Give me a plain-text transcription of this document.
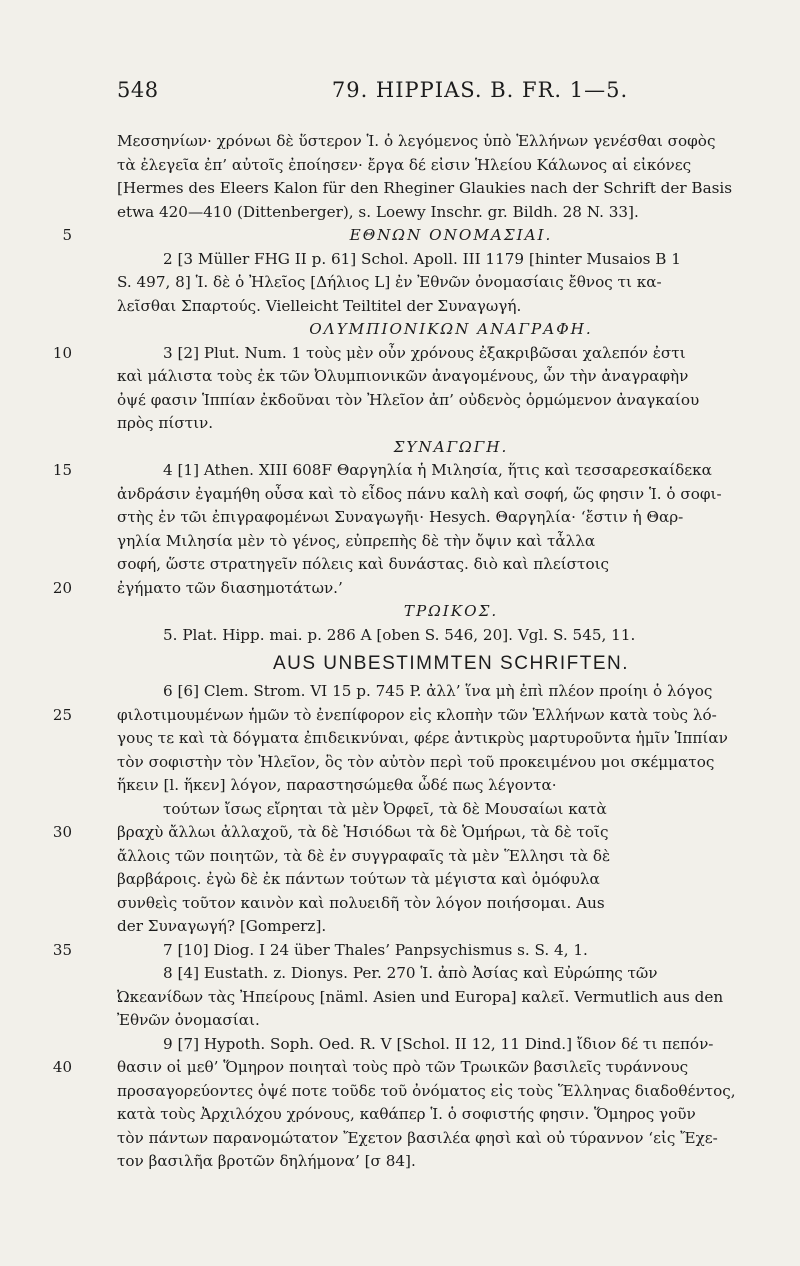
548	79. HIPPIAS. B. FR. 1—5.
Μεσσηνίων· χρόνωι δὲ ὕστερον Ἱ. ὁ λεγόμενος ὑπὸ Ἑλλήνων γενέσθαι σοφὸς
τὰ ἐλεγεῖα ἐπ’ αὐτοῖς ἐποίησεν· ἔργα δέ εἰσιν Ἡλείου Κάλωνος αἱ εἰκόνες
[Hermes des Eleers Kalon für den Rheginer Glaukies nach der Schrift der Basis
etwa 420—410 (Dittenberger), s. Loewy Inschr. gr. Bildh. 28 N. 33].
5	ΕΘΝΩΝ ΟΝΟΜΑΣΙΑΙ.
2 [3 Müller FHG II p. 61] Schol. Apoll. III 1179 [hinter Musaios B 1
S. 497, 8] Ἱ. δὲ ὁ Ἠλεῖος [Δήλιος L] ἐν Ἐθνῶν ὀνομασίαις ἔθνος τι κα-
λεῖσθαι Σπαρτούς. Vielleicht Teiltitel der Συναγωγή.
ΟΛΥΜΠΙΟΝΙΚΩΝ ΑΝΑΓΡΑΦΗ.
10	3 [2] Plut. Num. 1 τοὺς μὲν οὖν χρόνους ἐξακριβῶσαι χαλεπόν ἐστι
καὶ μάλιστα τοὺς ἐκ τῶν Ὀλυμπιονικῶν ἀναγομένους, ὧν τὴν ἀναγραφὴν
ὀψέ φασιν Ἱππίαν ἐκδοῦναι τὸν Ἠλεῖον ἀπ’ οὐδενὸς ὁρμώμενον ἀναγκαίου
πρὸς πίστιν.
ΣΥΝΑΓΩΓΗ.
15	4 [1] Athen. XIII 608F Θαργηλία ἡ Μιλησία, ἥτις καὶ τεσσαρεσκαίδεκα
ἀνδράσιν ἐγαμήθη οὖσα καὶ τὸ εἶδος πάνυ καλὴ καὶ σοφή, ὥς φησιν Ἱ. ὁ σοφι-
στὴς ἐν τῶι ἐπιγραφομένωι Συναγωγῆι· Hesych. Θαργηλία· ‘ἔστιν ἡ Θαρ-
γηλία Μιλησία μὲν τὸ γένος, εὐπρεπὴς δὲ τὴν ὄψιν καὶ τἆλλα
σοφή, ὥστε στρατηγεῖν πόλεις καὶ δυνάστας. διὸ καὶ πλείστοις
20	ἐγήματο τῶν διασημοτάτων.’
ΤΡΩΙΚΟΣ.
5. Plat. Hipp. mai. p. 286 A [oben S. 546, 20]. Vgl. S. 545, 11.
AUS UNBESTIMMTEN SCHRIFTEN.
6 [6] Clem. Strom. VI 15 p. 745 P. ἀλλ’ ἵνα μὴ ἐπὶ πλέον προίηι ὁ λόγος
25	φιλοτιμουμένων ἡμῶν τὸ ἐνεπίφορον εἰς κλοπὴν τῶν Ἑλλήνων κατὰ τοὺς λό-
γους τε καὶ τὰ δόγματα ἐπιδεικνύναι, φέρε ἀντικρὺς μαρτυροῦντα ἡμῖν Ἱππίαν
τὸν σοφιστὴν τὸν Ἠλεῖον, ὃς τὸν αὐτὸν περὶ τοῦ προκειμένου μοι σκέμματος
ἥκειν [l. ἥκεν] λόγον, παραστησώμεθα ὧδέ πως λέγοντα·
τούτων ἴσως εἴρηται τὰ μὲν Ὀρφεῖ, τὰ δὲ Μουσαίωι κατὰ
30	βραχὺ ἄλλωι ἀλλαχοῦ, τὰ δὲ Ἡσιόδωι τὰ δὲ Ὁμήρωι, τὰ δὲ τοῖς
ἄλλοις τῶν ποιητῶν, τὰ δὲ ἐν συγγραφαῖς τὰ μὲν Ἕλλησι τὰ δὲ
βαρβάροις. ἐγὼ δὲ ἐκ πάντων τούτων τὰ μέγιστα καὶ ὁμόφυλα
συνθεὶς τοῦτον καινὸν καὶ πολυειδῆ τὸν λόγον ποιήσομαι. Aus
der Συναγωγή? [Gomperz].
35	7 [10] Diog. I 24 über Thales’ Panpsychismus s. S. 4, 1.
8 [4] Eustath. z. Dionys. Per. 270 Ἱ. ἀπὸ Ἀσίας καὶ Εὐρώπης τῶν
Ὠκεανίδων τὰς Ἠπείρους [näml. Asien und Europa] καλεῖ. Vermutlich aus den
Ἐθνῶν ὀνομασίαι.
9 [7] Hypoth. Soph. Oed. R. V [Schol. II 12, 11 Dind.] ἴδιον δέ τι πεπόν-
40	θασιν οἱ μεθ’ Ὅμηρον ποιηταὶ τοὺς πρὸ τῶν Τρωικῶν βασιλεῖς τυράννους
προσαγορεύοντες ὀψέ ποτε τοῦδε τοῦ ὀνόματος εἰς τοὺς Ἕλληνας διαδοθέντος,
κατὰ τοὺς Ἀρχιλόχου χρόνους, καθάπερ Ἱ. ὁ σοφιστής φησιν. Ὅμηρος γοῦν
τὸν πάντων παρανομώτατον Ἔχετον βασιλέα φησὶ καὶ οὐ τύραννον ‘εἰς Ἔχε-
τον βασιλῆα βροτῶν δηλήμονα’ [σ 84].
